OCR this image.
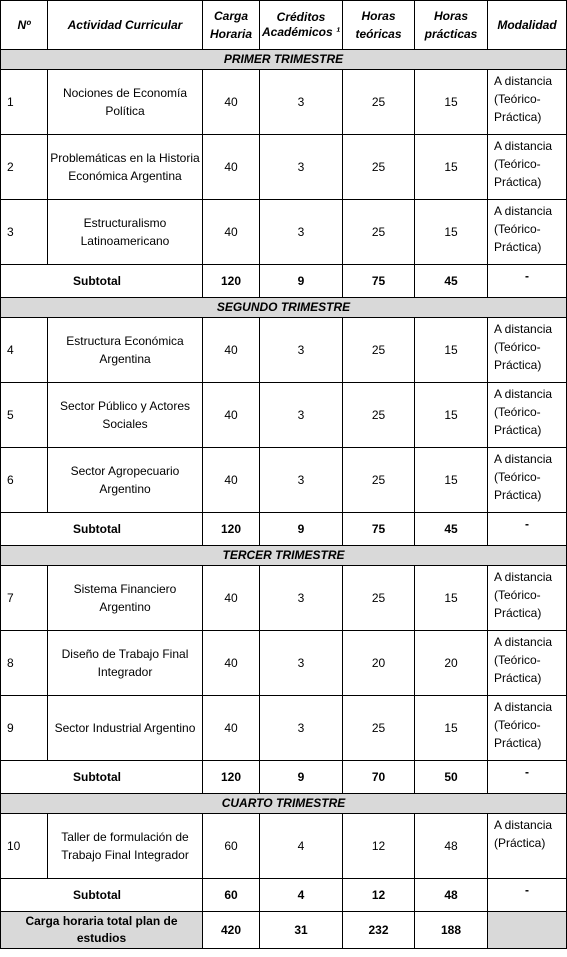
Nº	Actividad Curricular	Carga Horaria	Créditos Académicos ¹	Horas teóricas	Horas prácticas	Modalidad
PRIMER TRIMESTRE						
1	Nociones de Economía Política	40	3	25	15	A distancia (Teórico-Práctica)
2	Problemáticas en la Historia Económica Argentina	40	3	25	15	A distancia (Teórico-Práctica)
3	Estructuralismo Latinoamericano	40	3	25	15	A distancia (Teórico-Práctica)
Subtotal		120	9	75	45	-
SEGUNDO TRIMESTRE						
4	Estructura Económica Argentina	40	3	25	15	A distancia (Teórico-Práctica)
5	Sector Público y Actores Sociales	40	3	25	15	A distancia (Teórico-Práctica)
6	Sector Agropecuario Argentino	40	3	25	15	A distancia (Teórico-Práctica)
Subtotal		120	9	75	45	-
TERCER TRIMESTRE						
7	Sistema Financiero Argentino	40	3	25	15	A distancia (Teórico-Práctica)
8	Diseño de Trabajo Final Integrador	40	3	20	20	A distancia (Teórico-Práctica)
9	Sector Industrial Argentino	40	3	25	15	A distancia (Teórico-Práctica)
Subtotal		120	9	70	50	-
CUARTO TRIMESTRE						
10	Taller de formulación de Trabajo Final Integrador	60	4	12	48	A distancia (Práctica)
Subtotal		60	4	12	48	-
Carga horaria total plan de estudios		420	31	232	188	
